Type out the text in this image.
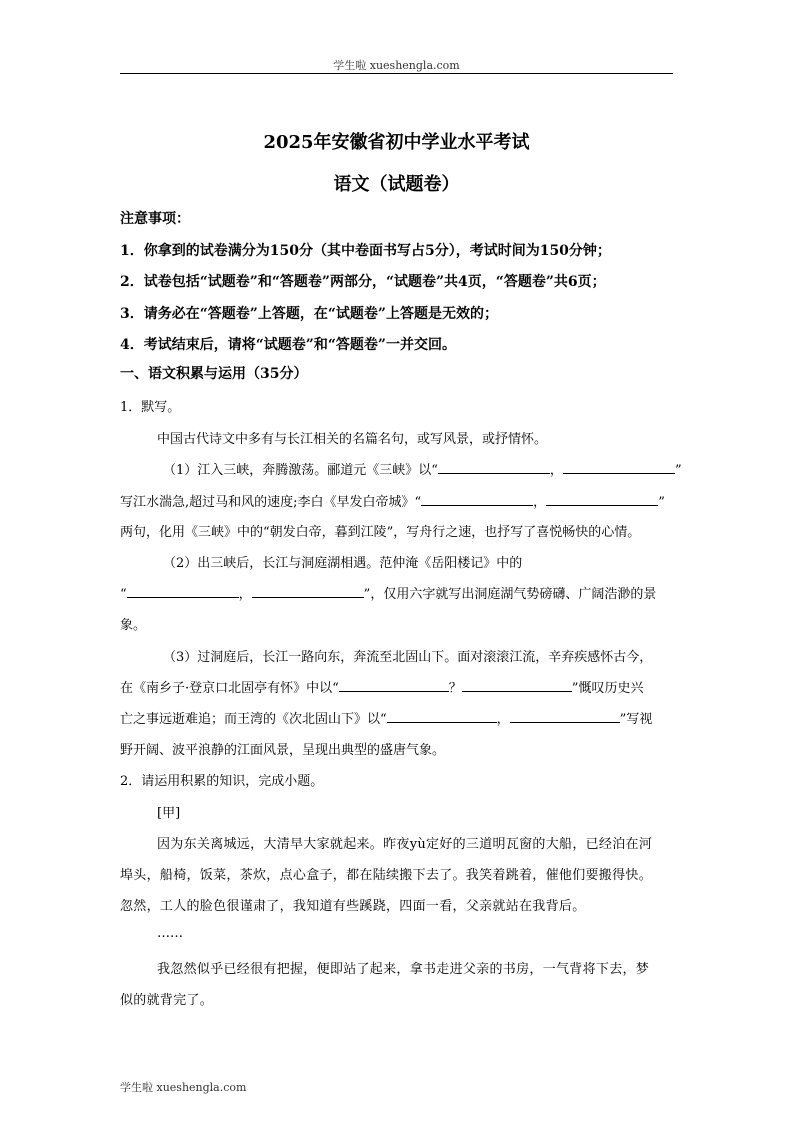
学生啦 xueshengla.com
2025年安徽省初中学业水平考试
语文（试题卷）
注意事项：
1．你拿到的试卷满分为150分（其中卷面书写占5分），考试时间为150分钟；
2．试卷包括“试题卷”和“答题卷”两部分，“试题卷”共4页，“答题卷”共6页；
3．请务必在“答题卷”上答题，在“试题卷”上答题是无效的；
4．考试结束后，请将“试题卷”和“答题卷”一并交回。
一、语文积累与运用（35分）
1．默写。
中国古代诗文中多有与长江相关的名篇名句，或写风景，或抒情怀。
（1）江入三峡，奔腾激荡。郦道元《三峡》以“	，	”
写江水湍急,超过马和风的速度;李白《早发白帝城》“	，	”
两句，化用《三峡》中的“朝发白帝，暮到江陵”，写舟行之速，也抒写了喜悦畅快的心情。
（2）出三峡后，长江与洞庭湖相遇。范仲淹《岳阳楼记》中的
“	，	”，仅用六字就写出洞庭湖气势磅礴、广阔浩渺的景
象。
（3）过洞庭后，长江一路向东，奔流至北固山下。面对滚滚江流，辛弃疾感怀古今，
在《南乡子·登京口北固亭有怀》中以“	？	”慨叹历史兴
亡之事远逝难追；而王湾的《次北固山下》以“	，	”写视
野开阔、波平浪静的江面风景，呈现出典型的盛唐气象。
2．请运用积累的知识，完成小题。
[甲]
因为东关离城远，大清早大家就起来。昨夜yù定好的三道明瓦窗的大船，已经泊在河
埠头，船椅，饭菜，茶炊，点心盒子，都在陆续搬下去了。我笑着跳着，催他们要搬得快。
忽然，工人的脸色很谨肃了，我知道有些蹊跷，四面一看，父亲就站在我背后。
……
我忽然似乎已经很有把握，便即站了起来，拿书走进父亲的书房，一气背将下去，梦
似的就背完了。
学生啦 xueshengla.com
